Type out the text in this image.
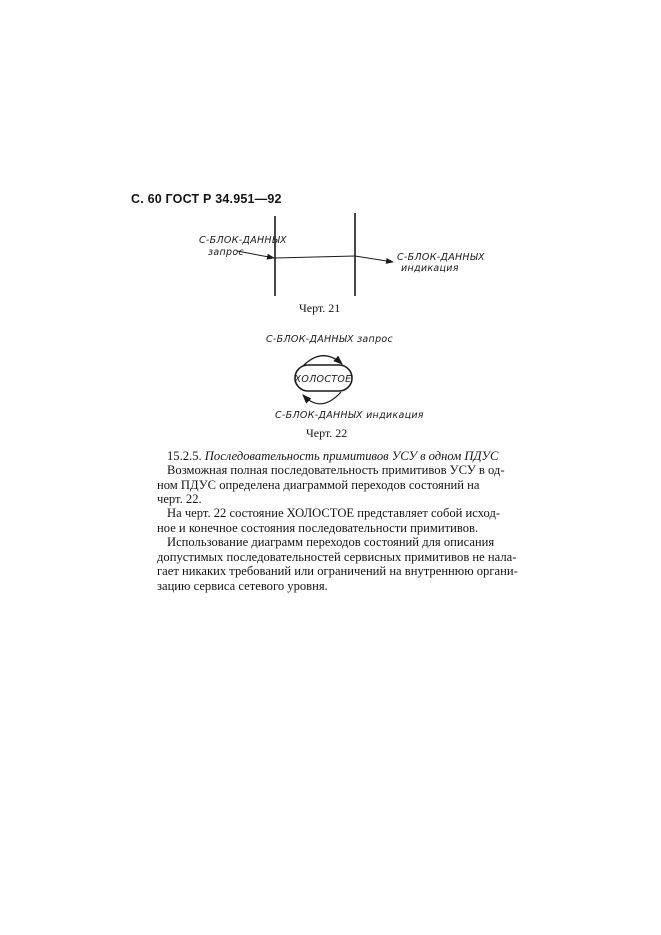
С. 60 ГОСТ Р 34.951—92
С-БЛОК-ДАННЫХ
запрос	С-БЛОК-ДАННЫХ
индикация
Черт. 21
С-БЛОК-ДАННЫХ запрос
ХОЛОСТОЕ
С-БЛОК-ДАННЫХ индикация
Черт. 22
15.2.5. Последовательность примитивов УСУ в одном ПДУС
Возможная полная последовательность примитивов УСУ в од-
ном ПДУС определена диаграммой переходов состояний на
черт. 22.
На черт. 22 состояние ХОЛОСТОЕ представляет собой исход-
ное и конечное состояния последовательности примитивов.
Использование диаграмм переходов состояний для описания
допустимых последовательностей сервисных примитивов не нала-
гает никаких требований или ограничений на внутреннюю органи-
зацию сервиса сетевого уровня.
